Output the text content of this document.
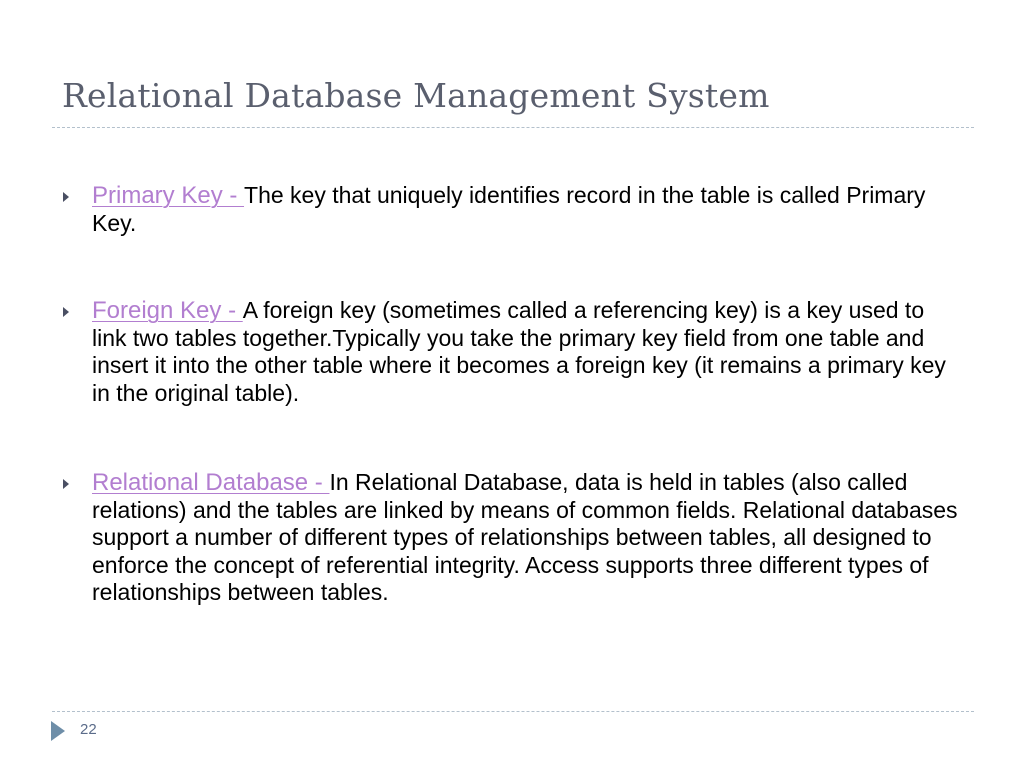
Relational Database Management System
Primary Key - The key that uniquely identifies record in the table is called Primary Key.
Foreign Key - A foreign key (sometimes called a referencing key) is a key used to link two tables together.Typically you take the primary key field from one table and insert it into the other table where it becomes a foreign key (it remains a primary key in the original table).
Relational Database - In Relational Database, data is held in tables (also called relations) and the tables are linked by means of common fields. Relational databases support a number of different types of relationships between tables, all designed to enforce the concept of referential integrity. Access supports three different types of relationships between tables.
22
